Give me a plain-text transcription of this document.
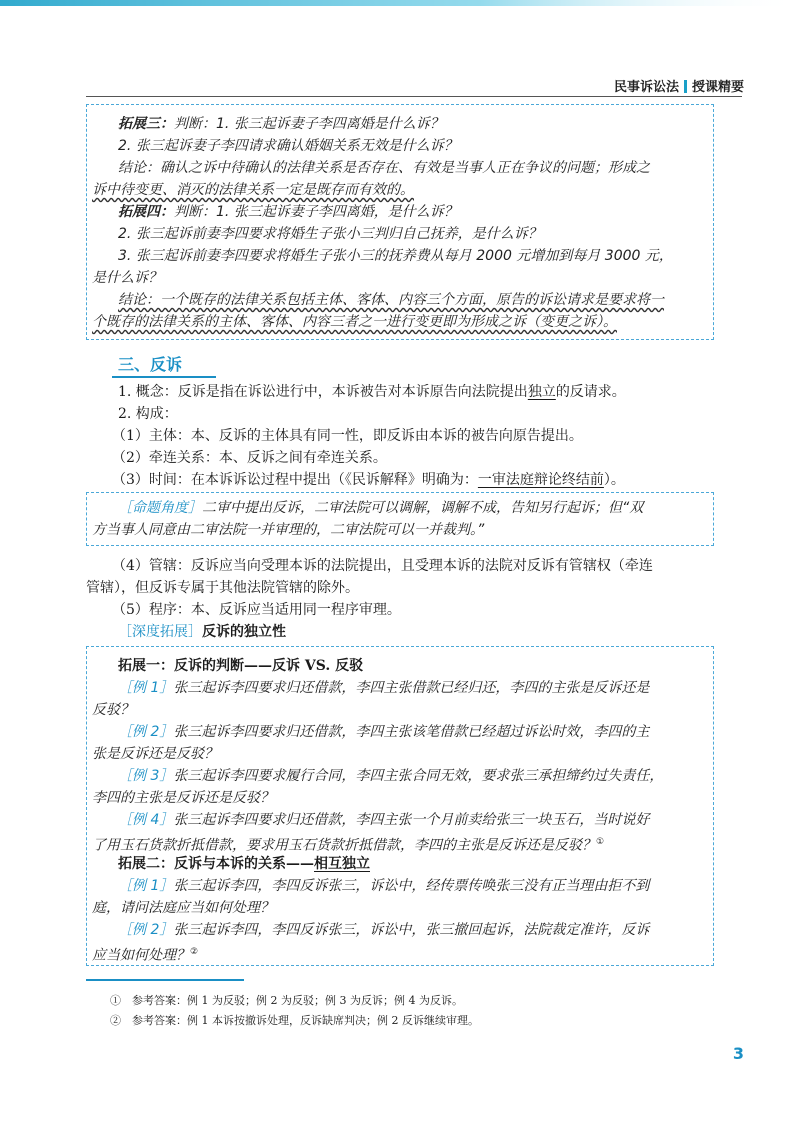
民事诉讼法 授课精要
拓展三：判断：1. 张三起诉妻子李四离婚是什么诉？
2. 张三起诉妻子李四请求确认婚姻关系无效是什么诉？
结论：确认之诉中待确认的法律关系是否存在、有效是当事人正在争议的问题；形成之
诉中待变更、消灭的法律关系一定是既存而有效的。
拓展四：判断：1. 张三起诉妻子李四离婚，是什么诉？
2. 张三起诉前妻李四要求将婚生子张小三判归自己抚养，是什么诉？
3. 张三起诉前妻李四要求将婚生子张小三的抚养费从每月 2000 元增加到每月 3000 元，
是什么诉？
结论：一个既存的法律关系包括主体、客体、内容三个方面，原告的诉讼请求是要求将一
个既存的法律关系的主体、客体、内容三者之一进行变更即为形成之诉（变更之诉）。
三、反诉
1. 概念：反诉是指在诉讼进行中，本诉被告对本诉原告向法院提出独立的反请求。
2. 构成：
（1）主体：本、反诉的主体具有同一性，即反诉由本诉的被告向原告提出。
（2）牵连关系：本、反诉之间有牵连关系。
（3）时间：在本诉诉讼过程中提出（《民诉解释》明确为：一审法庭辩论终结前）。
［命题角度］二审中提出反诉，二审法院可以调解，调解不成，告知另行起诉；但“双
方当事人同意由二审法院一并审理的，二审法院可以一并裁判。”
（4）管辖：反诉应当向受理本诉的法院提出，且受理本诉的法院对反诉有管辖权（牵连
管辖），但反诉专属于其他法院管辖的除外。
（5）程序：本、反诉应当适用同一程序审理。
［深度拓展］反诉的独立性
拓展一：反诉的判断——反诉 VS. 反驳
［例 1］张三起诉李四要求归还借款，李四主张借款已经归还，李四的主张是反诉还是
反驳？
［例 2］张三起诉李四要求归还借款，李四主张该笔借款已经超过诉讼时效，李四的主
张是反诉还是反驳？
［例 3］张三起诉李四要求履行合同，李四主张合同无效，要求张三承担缔约过失责任，
李四的主张是反诉还是反驳？
［例 4］张三起诉李四要求归还借款，李四主张一个月前卖给张三一块玉石，当时说好
了用玉石货款折抵借款，要求用玉石货款折抵借款，李四的主张是反诉还是反驳？①
拓展二：反诉与本诉的关系——相互独立
［例 1］张三起诉李四，李四反诉张三，诉讼中，经传票传唤张三没有正当理由拒不到
庭，请问法庭应当如何处理？
［例 2］张三起诉李四，李四反诉张三，诉讼中，张三撤回起诉，法院裁定准许，反诉
应当如何处理？②
①　参考答案：例 1 为反驳；例 2 为反驳；例 3 为反诉；例 4 为反诉。
②　参考答案：例 1 本诉按撤诉处理，反诉缺席判决；例 2 反诉继续审理。
3
